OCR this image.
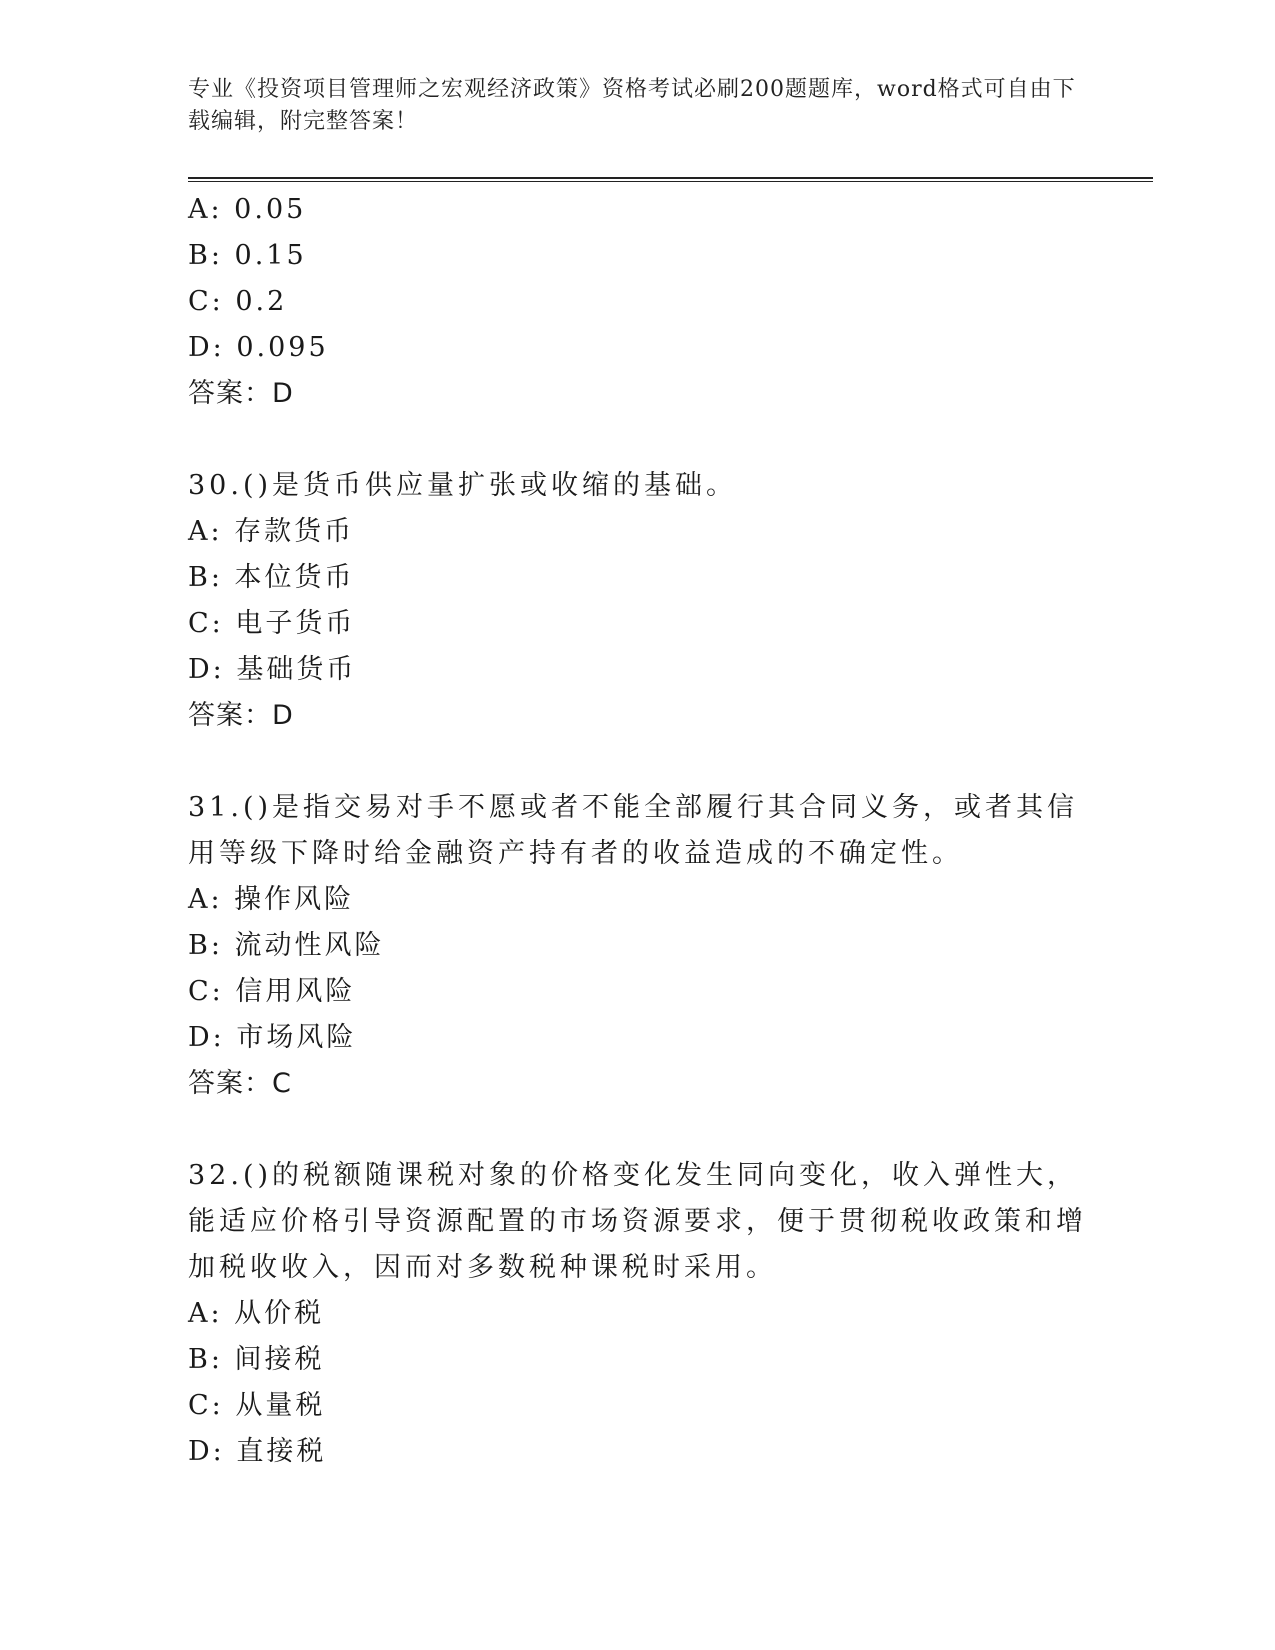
专业《投资项目管理师之宏观经济政策》资格考试必刷200题题库，word格式可自由下载编辑，附完整答案！
A: 0.05
B: 0.15
C: 0.2
D: 0.095
答案：D
30.()是货币供应量扩张或收缩的基础。
A: 存款货币
B: 本位货币
C: 电子货币
D: 基础货币
答案：D
31.()是指交易对手不愿或者不能全部履行其合同义务，或者其信用等级下降时给金融资产持有者的收益造成的不确定性。
A: 操作风险
B: 流动性风险
C: 信用风险
D: 市场风险
答案：C
32.()的税额随课税对象的价格变化发生同向变化，收入弹性大，能适应价格引导资源配置的市场资源要求，便于贯彻税收政策和增加税收收入，因而对多数税种课税时采用。
A: 从价税
B: 间接税
C: 从量税
D: 直接税
